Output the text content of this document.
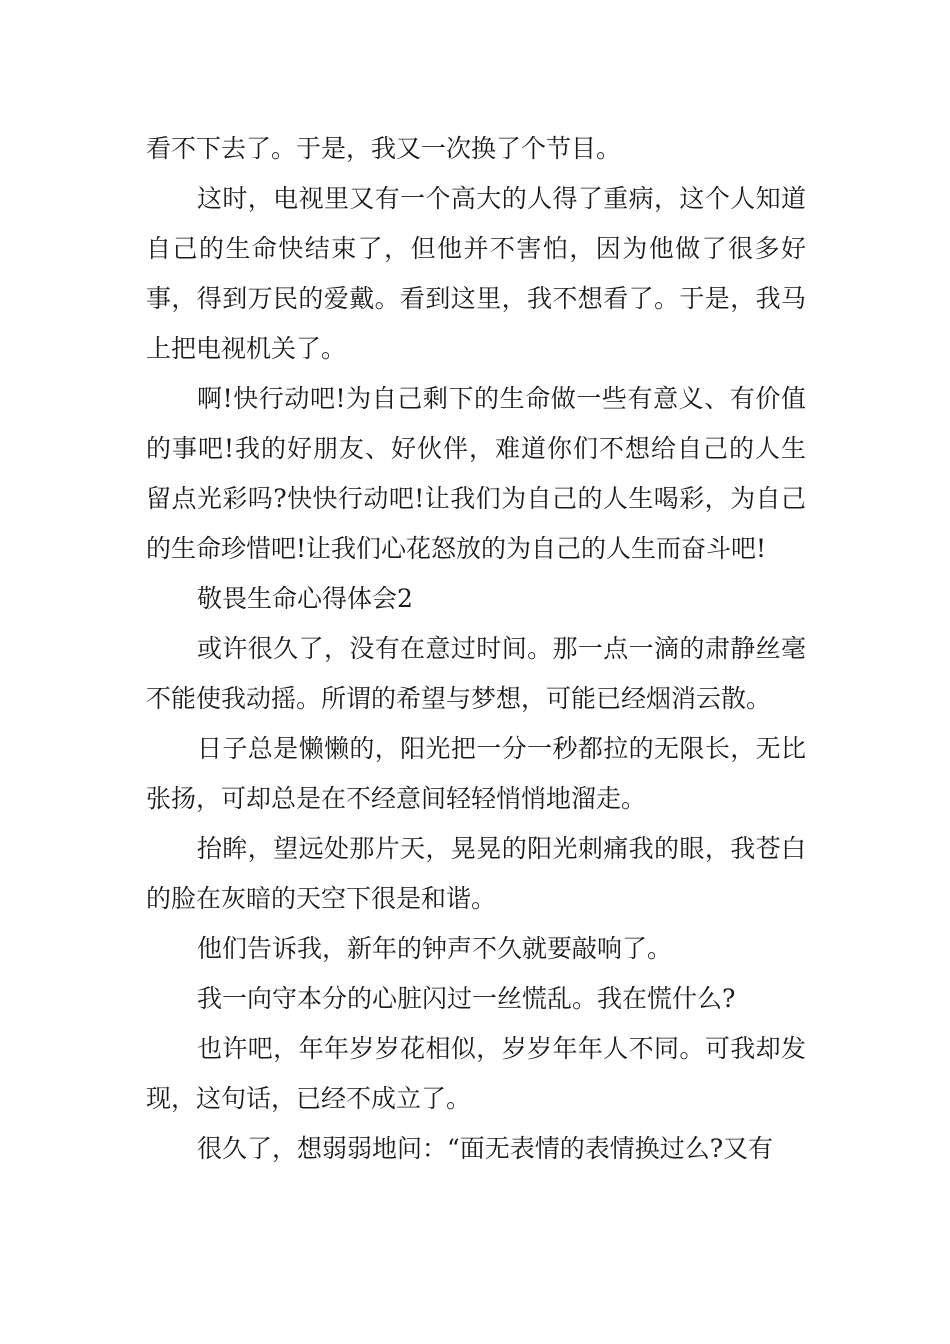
看不下去了。于是，我又一次换了个节目。

这时，电视里又有一个高大的人得了重病，这个人知道自己的生命快结束了，但他并不害怕，因为他做了很多好事，得到万民的爱戴。看到这里，我不想看了。于是，我马上把电视机关了。

啊!快行动吧!为自己剩下的生命做一些有意义、有价值的事吧!我的好朋友、好伙伴，难道你们不想给自己的人生留点光彩吗?快快行动吧!让我们为自己的人生喝彩，为自己的生命珍惜吧!让我们心花怒放的为自己的人生而奋斗吧!

敬畏生命心得体会2

或许很久了，没有在意过时间。那一点一滴的肃静丝毫不能使我动摇。所谓的希望与梦想，可能已经烟消云散。

日子总是懒懒的，阳光把一分一秒都拉的无限长，无比张扬，可却总是在不经意间轻轻悄悄地溜走。

抬眸，望远处那片天，晃晃的阳光刺痛我的眼，我苍白的脸在灰暗的天空下很是和谐。

他们告诉我，新年的钟声不久就要敲响了。

我一向守本分的心脏闪过一丝慌乱。我在慌什么?

也许吧，年年岁岁花相似，岁岁年年人不同。可我却发现，这句话，已经不成立了。

很久了，想弱弱地问：“面无表情的表情换过么?又有
